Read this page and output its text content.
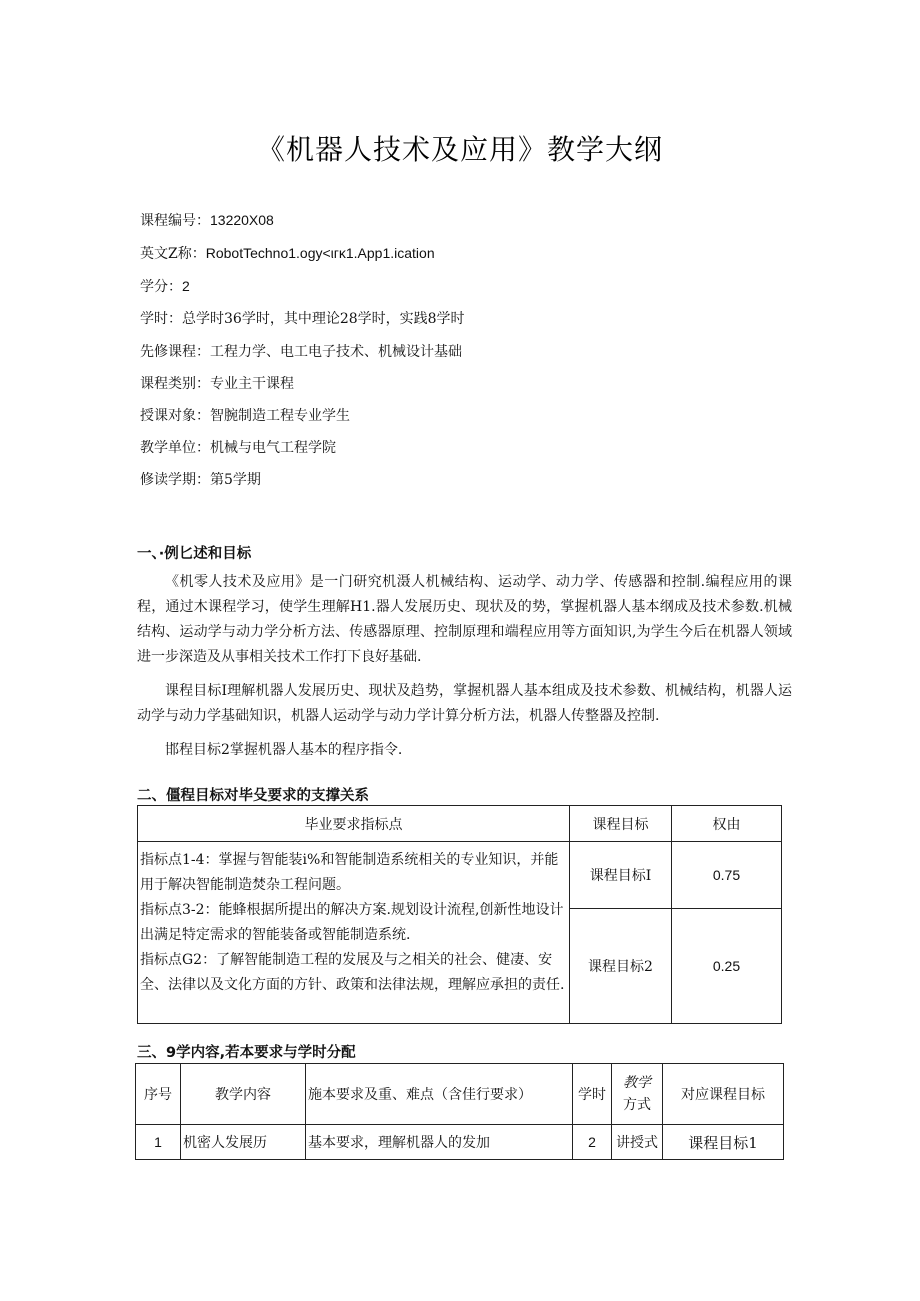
《机器人技术及应用》教学大纲
课程编号：13220X08
英文Z称：RobotTechno1.ogy<ιгκ1.App1.ication
学分：2
学时：总学时36学时，其中理论28学时，实践8学时
先修课程：工程力学、电工电子技术、机械设计基础
课程类别：专业主干课程
授课对象：智腕制造工程专业学生
教学单位：机械与电气工程学院
修读学期：第5学期
一、·例匕述和目标

《机零人技术及应用》是一门研究机滠人机械结构、运动学、动力学、传感器和控制.编程应用的课程，通过木课程学习，使学生理解H1.器人发展历史、现状及的势，掌握机器人基本纲成及技术参数.机械结构、运动学与动力学分析方法、传感器原理、控制原理和端程应用等方面知识,为学生今后在机器人领域进一步深造及从事相关技术工作打下良好基础.

课程目标I理解机器人发展历史、现状及趋势，掌握机器人基本组成及技术参数、机械结构，机器人运动学与动力学基础知识，机器人运动学与动力学计算分析方法，机器人传整器及控制.

邯程目标2掌握机器人基本的程序指令.

二、僵程目标对毕殳要求的支撑关系
毕业要求指标点	课程目标	权由

指标点1-4：掌握与智能装i%和智能制造系统相关的专业知识，并能用于解决智能制造焚杂工程问题。
指标点3-2：能蜂根据所提出的解决方案.规划设计流程,创新性地设计出满足特定需求的智能装备或智能制造系统.
指标点G2：了解智能制造工程的发展及与之相关的社会、健凄、安全、法律以及文化方面的方针、政策和法律法规，理解应承担的责任.	课程目标I	0.75
	课程目标2	0.25
三、9学内容,若本要求与学时分配
序号	教学内容	施本要求及重、难点（含佳行要求）	学时	教学
方式	对应课程目标
1	机密人发展历	基本要求，理解机器人的发加	2	讲授式	课程目标1
